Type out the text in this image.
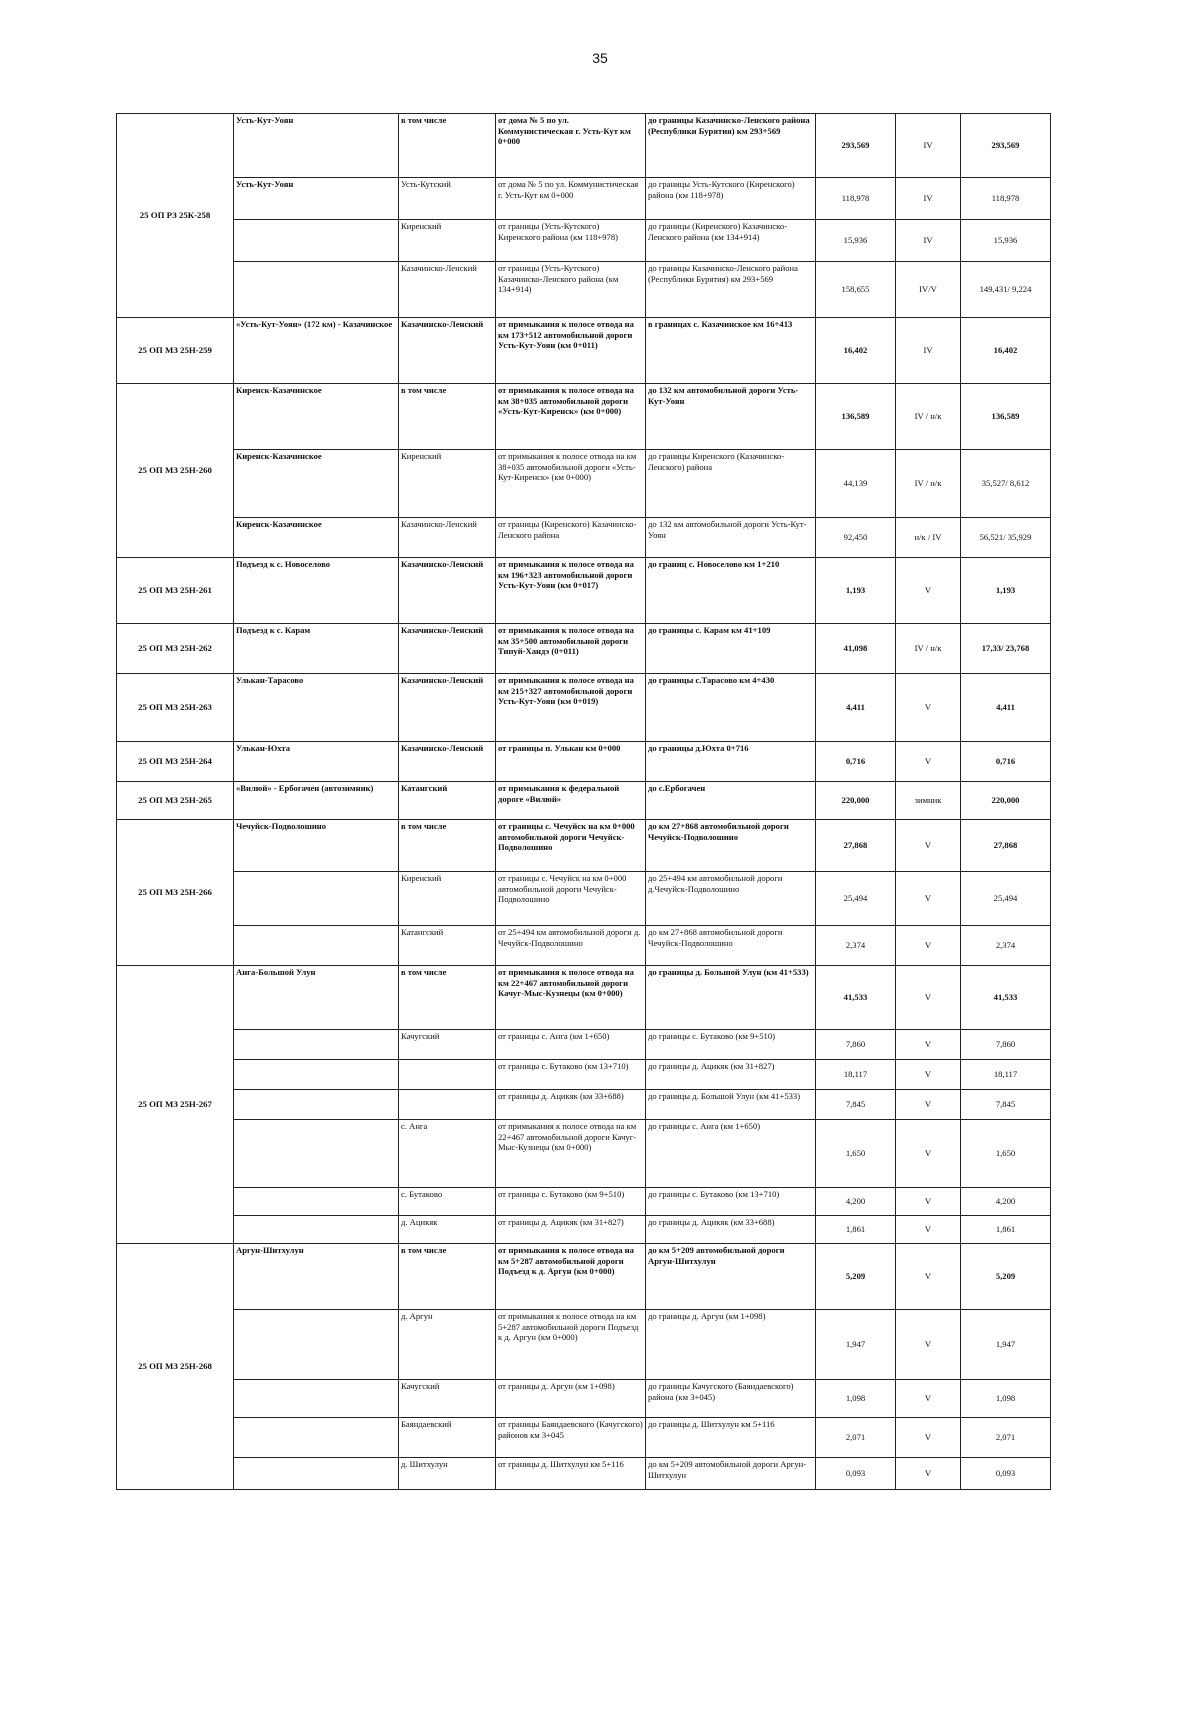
35
25 ОП РЗ 25К-258	Усть-Кут-Уоян	в том числе	от дома № 5 по ул. Коммунистическая г. Усть-Кут км 0+000	до границы Казачинско-Ленского района (Республики Бурятия) км 293+569	293,569	IV	293,569
	Усть-Кут-Уоян	Усть-Кутский	от дома № 5 по ул. Коммунистическая г. Усть-Кут км 0+000	до границы Усть-Кутского (Киренского) района (км 118+978)	118,978	IV	118,978
		Киренский	от границы (Усть-Кутского) Киренского района (км 118+978)	до границы (Киренского) Казачинско-Ленского района (км 134+914)	15,936	IV	15,936
		Казачинско-Ленский	от границы (Усть-Кутского) Казачинско-Ленского района (км 134+914)	до границы Казачинско-Ленского района (Республики Бурятия) км 293+569	158,655	IV/V	149,431/ 9,224
25 ОП МЗ 25Н-259	«Усть-Кут-Уоян» (172 км) - Казачинское	Казачинско-Ленский	от примыкания к полосе отвода на км 173+512 автомобильной дороги Усть-Кут-Уоян (км 0+011)	в границах с. Казачинское км 16+413	16,402	IV	16,402
25 ОП МЗ 25Н-260	Киренск-Казачинское	в том числе	от примыкания к полосе отвода на км 38+035 автомобильной дороги «Усть-Кут-Киренск» (км 0+000)	до 132 км автомобильной дороги Усть-Кут-Уоян	136,589	IV / н/к	136,589
	Киренск-Казачинское	Киренский	от примыкания к полосе отвода на км 38+035 автомобильной дороги «Усть-Кут-Киренск» (км 0+000)	до границы Киренского (Казачинско-Ленского) района	44,139	IV / н/к	35,527/ 8,612
	Киренск-Казачинское	Казачинско-Ленский	от границы (Киренского) Казачинско-Ленского района	до 132 км автомобильной дороги Усть-Кут-Уоян	92,450	н/к / IV	56,521/ 35,929
25 ОП МЗ 25Н-261	Подъезд к с. Новоселово	Казачинско-Ленский	от примыкания к полосе отвода на км 196+323 автомобильной дороги Усть-Кут-Уоян (км 0+017)	до границ с. Новоселово км 1+210	1,193	V	1,193
25 ОП МЗ 25Н-262	Подъезд к с. Карам	Казачинско-Ленский	от примыкания к полосе отвода на км 35+500 автомобильной дороги Типуй-Хандэ (0+011)	до границы с. Карам км 41+109	41,098	IV / н/к	17,33/ 23,768
25 ОП МЗ 25Н-263	Улькан-Тарасово	Казачинско-Ленский	от примыкания к полосе отвода на км 215+327 автомобильной дороги Усть-Кут-Уоян (км 0+019)	до границы с.Тарасово км 4+430	4,411	V	4,411
25 ОП МЗ 25Н-264	Улькан-Юхта	Казачинско-Ленский	от границы п. Улькан км 0+000	до границы д.Юхта 0+716	0,716	V	0,716
25 ОП МЗ 25Н-265	«Вилюй» - Ербогачен (автозимник)	Катангский	от примыкания к федеральной дороге «Вилюй»	до с.Ербогачен	220,000	зимник	220,000
25 ОП МЗ 25Н-266	Чечуйск-Подволошино	в том числе	от границы с. Чечуйск на км 0+000 автомобильной дороги Чечуйск-Подволошино	до км 27+868 автомобильной дороги Чечуйск-Подволошино	27,868	V	27,868
		Киренский	от границы с. Чечуйск на км 0+000 автомобильной дороги Чечуйск-Подволошино	до 25+494 км автомобильной дороги д.Чечуйск-Подволошино	25,494	V	25,494
		Катангский	от 25+494 км автомобильной дороги д. Чечуйск-Подволошино	до км 27+868 автомобильной дороги Чечуйск-Подволошино	2,374	V	2,374
25 ОП МЗ 25Н-267	Анга-Большой Улун	в том числе	от примыкания к полосе отвода на км 22+467 автомобильной дороги Качуг-Мыс-Кузнецы (км 0+000)	до границы д. Большой Улун (км 41+533)	41,533	V	41,533
		Качугский	от границы с. Анга (км 1+650)	до границы с. Бутаково (км 9+510)	7,860	V	7,860
			от границы с. Бутаково (км 13+710)	до границы д. Ацикяк (км 31+827)	18,117	V	18,117
			от границы д. Ацикяк (км 33+688)	до границы д. Большой Улун (км 41+533)	7,845	V	7,845
		с. Анга	от примыкания к полосе отвода на км 22+467 автомобильной дороги Качуг-Мыс-Кузнецы (км 0+000)	до границы с. Анга (км 1+650)	1,650	V	1,650
		с. Бутаково	от границы с. Бутаково (км 9+510)	до границы с. Бутаково (км 13+710)	4,200	V	4,200
		д. Ацикяк	от границы д. Ацикяк (км 31+827)	до границы д. Ацикяк (км 33+688)	1,861	V	1,861
25 ОП МЗ 25Н-268	Аргун-Шитхулун	в том числе	от примыкания к полосе отвода на км 5+287 автомобильной дороги Подъезд к д. Аргун (км 0+000)	до км 5+209 автомобильной дороги Аргун-Шитхулун	5,209	V	5,209
		д. Аргун	от примыкания к полосе отвода на км 5+287 автомобильной дороги Подъезд к д. Аргун (км 0+000)	до границы д. Аргун (км 1+098)	1,947	V	1,947
		Качугский	от границы д. Аргун (км 1+098)	до границы Качугского (Баяндаевского) района (км 3+045)	1,098	V	1,098
		Баяндаевский	от границы Баяндаевского (Качугского) районов км 3+045	до границы д. Шитхулун км 5+116	2,071	V	2,071
		д. Шитхулун	от границы д. Шитхулун км 5+116	до км 5+209 автомобильной дороги Аргун-Шитхулун	0,093	V	0,093
